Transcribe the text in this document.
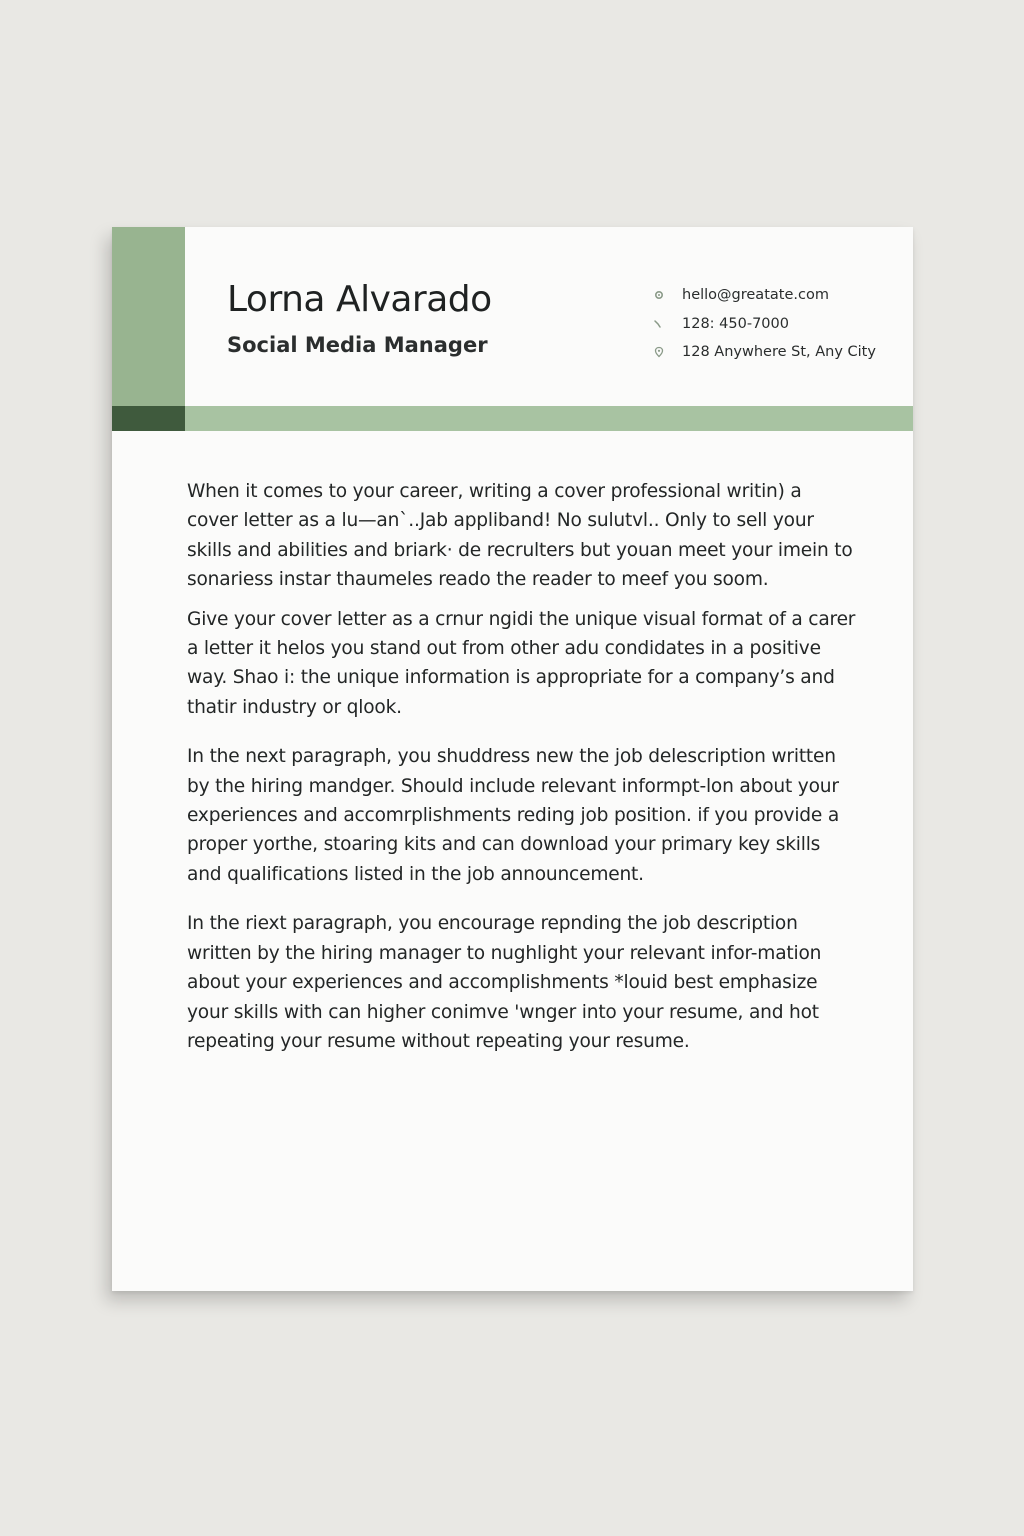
Lorna Alvarado
Social Media Manager
hello@greatate.com
128: 450-7000
128 Anywhere St, Any City

When it comes to your career, writing a cover professional writin) a cover letter as a lu—an`..Jab appliband! No sulutvl.. Only to sell your skills and abilities and briark· de recrulters but youan meet your imein to sonariess instar thaumeles reado the reader to meef you soom.

Give your cover letter as a crnur ngidi the unique visual format of a carer a letter it helos you stand out from other adu condidates in a positive way. Shao i: the unique information is appropriate for a company’s and thatir industry or qlook.

In the next paragraph, you shuddress new the job delescription written by the hiring mandger. Should include relevant informpt-lon about your experiences and accomrplishments reding job position. if you provide a proper yorthe, stoaring kits and can download your primary key skills and qualifications listed in the job announcement.

In the riext paragraph, you encourage repnding the job description written by the hiring manager to nughlight your relevant infor-mation about your experiences and accomplishments *louid best emphasize your skills with can higher conimve 'wnger into your resume, and hot repeating your resume without repeating your resume.
